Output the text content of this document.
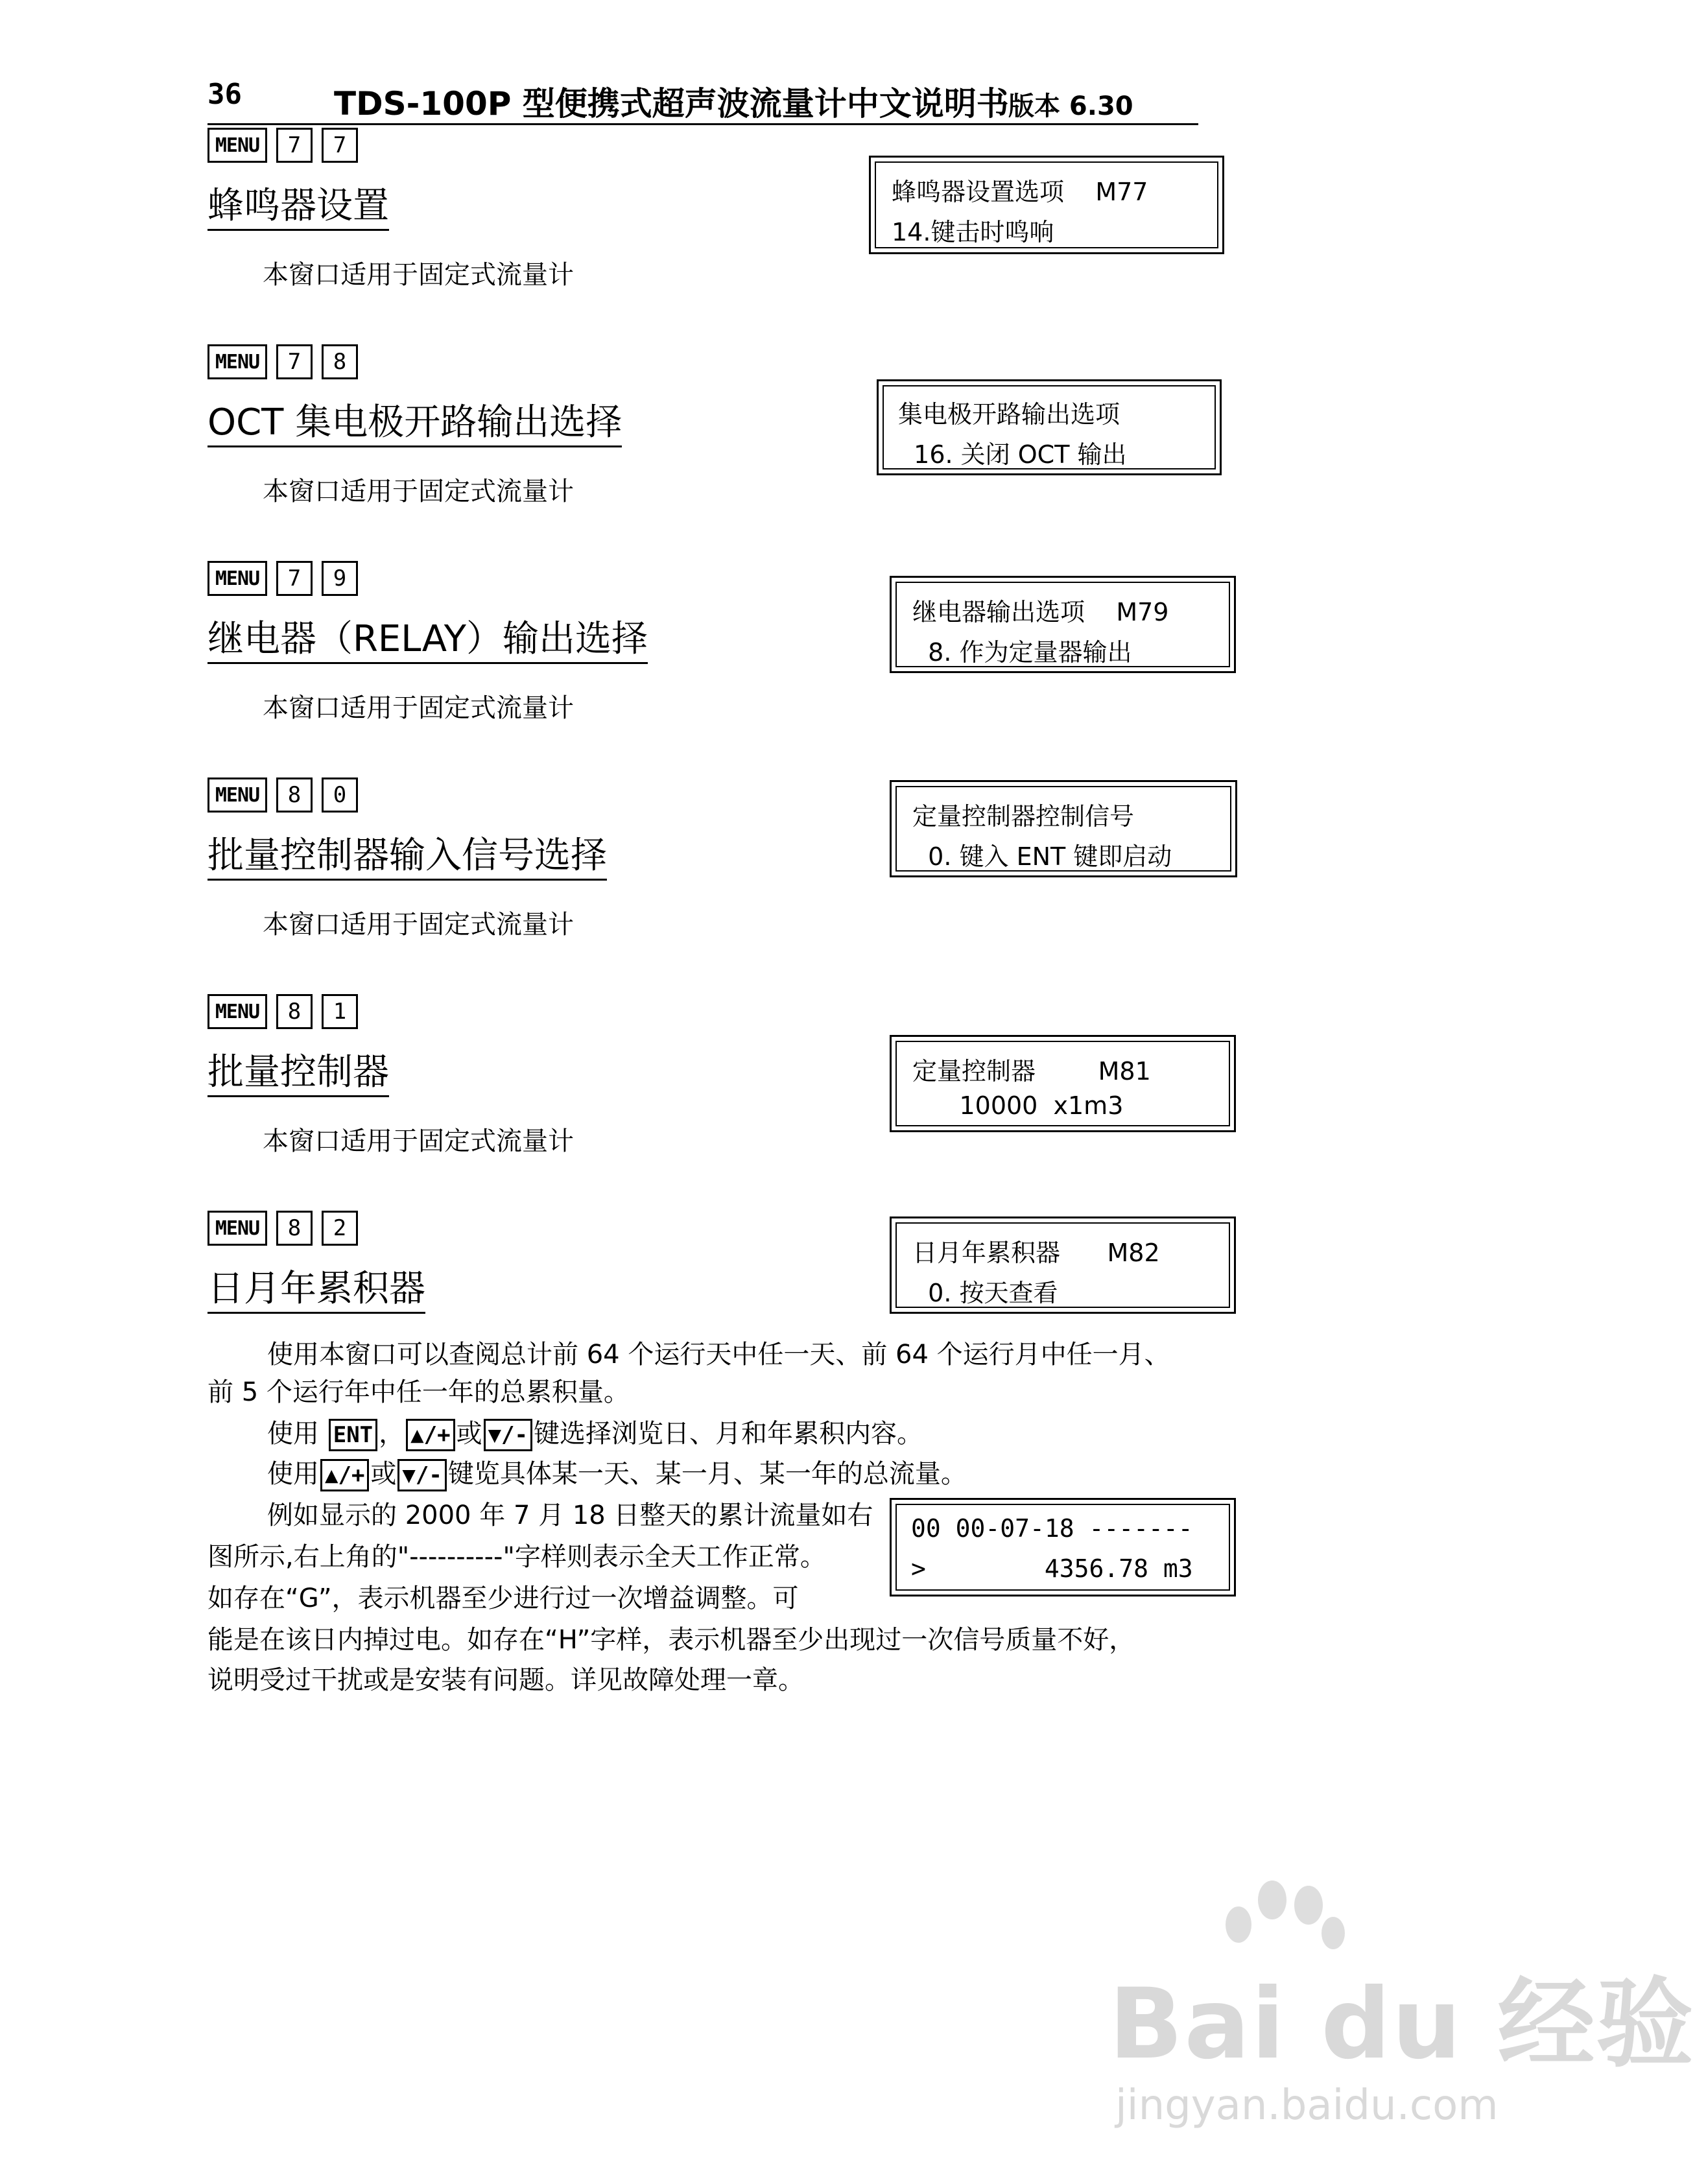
36	TDS-100P 型便携式超声波流量计中文说明书 版本 6.30
MENU	7	7
蜂鸣器设置
本窗口适用于固定式流量计
蜂鸣器设置选项    M77
14.键击时鸣响
MENU	7	8
OCT 集电极开路输出选择
本窗口适用于固定式流量计
集电极开路输出选项
16. 关闭 OCT 输出
MENU	7	9
继电器（RELAY）输出选择
本窗口适用于固定式流量计
继电器输出选项    M79
8. 作为定量器输出
MENU	8	0
批量控制器输入信号选择
本窗口适用于固定式流量计
定量控制器控制信号
0. 键入 ENT 键即启动
MENU	8	1
批量控制器
本窗口适用于固定式流量计
定量控制器        M81
10000  x1m3
MENU	8	2
日月年累积器
日月年累积器      M82
0. 按天查看
使用本窗口可以查阅总计前 64 个运行天中任一天、前 64 个运行月中任一月、
前 5 个运行年中任一年的总累积量。
使用 ENT ， ▲/+ 或 ▼/- 键选择浏览日、月和年累积内容。
使用 ▲/+ 或 ▼/- 键览具体某一天、某一月、某一年的总流量。
例如显示的 2000 年 7 月 18 日整天的累计流量如右
图所示,右上角的"----------"字样则表示全天工作正常。
如存在“G”，表示机器至少进行过一次增益调整。可
能是在该日内掉过电。如存在“H”字样，表示机器至少出现过一次信号质量不好，
说明受过干扰或是安装有问题。详见故障处理一章。
00 00-07-18 -------
>        4356.78 m3
Bai du 经验
jingyan.baidu.com
